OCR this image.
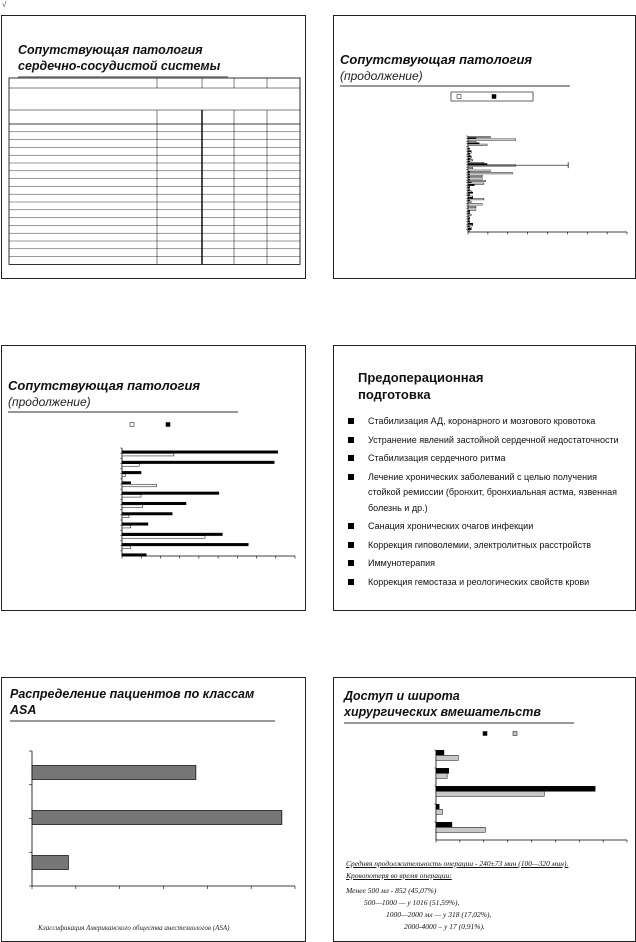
√
Сопутствующая патология
сердечно-сосудистой системы	Сопутствующая патология
(продолжение)
Сопутствующая патология
(продолжение)
Предоперационная
подготовка
Стабилизация АД, коронарного и мозгового кровотока
Устранение явлений застойной сердечной недостаточности
Стабилизация сердечного ритма
Лечение хронических заболеваний с целью получения стойкой ремиссии (бронхит, бронхиальная астма, язвенная болезнь и др.)
Санация хронических очагов инфекции
Коррекция гиповолемии, электролитных расстройств
Иммунотерапия
Коррекция гемостаза и реологических свойств крови
Распределение пациентов по классам
ASA
Классификация Американского общества анестезиологов (ASA)
Доступ и широта
хирургических вмешательств
Средняя продолжительность операции - 240±73 мин (100—320 мин).
Кровопотеря во время операции:
Менее 500 мл - 852 (45,07%)
500—1000 — у 1016 (51,59%),
1000—2000 мл — у 318 (17,02%),
2000-4000 – у 17 (0,91%).
